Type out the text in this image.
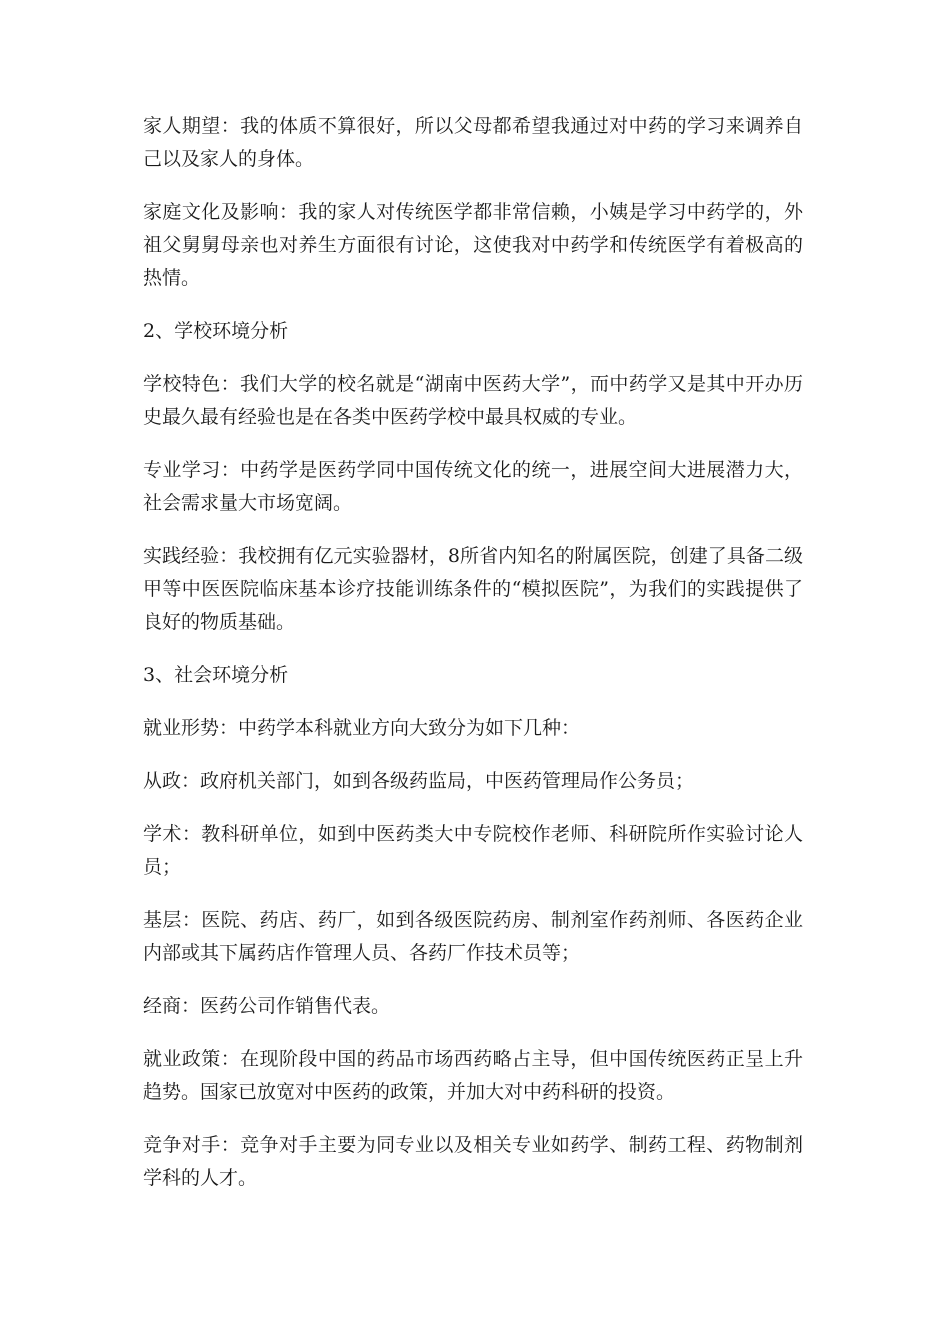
家人期望：我的体质不算很好，所以父母都希望我通过对中药的学习来调养自己以及家人的身体。

家庭文化及影响：我的家人对传统医学都非常信赖，小姨是学习中药学的，外祖父舅舅母亲也对养生方面很有讨论，这使我对中药学和传统医学有着极高的热情。

2、学校环境分析

学校特色：我们大学的校名就是“湖南中医药大学”，而中药学又是其中开办历史最久最有经验也是在各类中医药学校中最具权威的专业。

专业学习：中药学是医药学同中国传统文化的统一，进展空间大进展潜力大，社会需求量大市场宽阔。

实践经验：我校拥有亿元实验器材，8所省内知名的附属医院，创建了具备二级甲等中医医院临床基本诊疗技能训练条件的“模拟医院”，为我们的实践提供了良好的物质基础。

3、社会环境分析

就业形势：中药学本科就业方向大致分为如下几种：

从政：政府机关部门，如到各级药监局，中医药管理局作公务员；

学术：教科研单位，如到中医药类大中专院校作老师、科研院所作实验讨论人员；

基层：医院、药店、药厂，如到各级医院药房、制剂室作药剂师、各医药企业内部或其下属药店作管理人员、各药厂作技术员等；

经商：医药公司作销售代表。

就业政策：在现阶段中国的药品市场西药略占主导，但中国传统医药正呈上升趋势。国家已放宽对中医药的政策，并加大对中药科研的投资。

竞争对手：竞争对手主要为同专业以及相关专业如药学、制药工程、药物制剂学科的人才。
